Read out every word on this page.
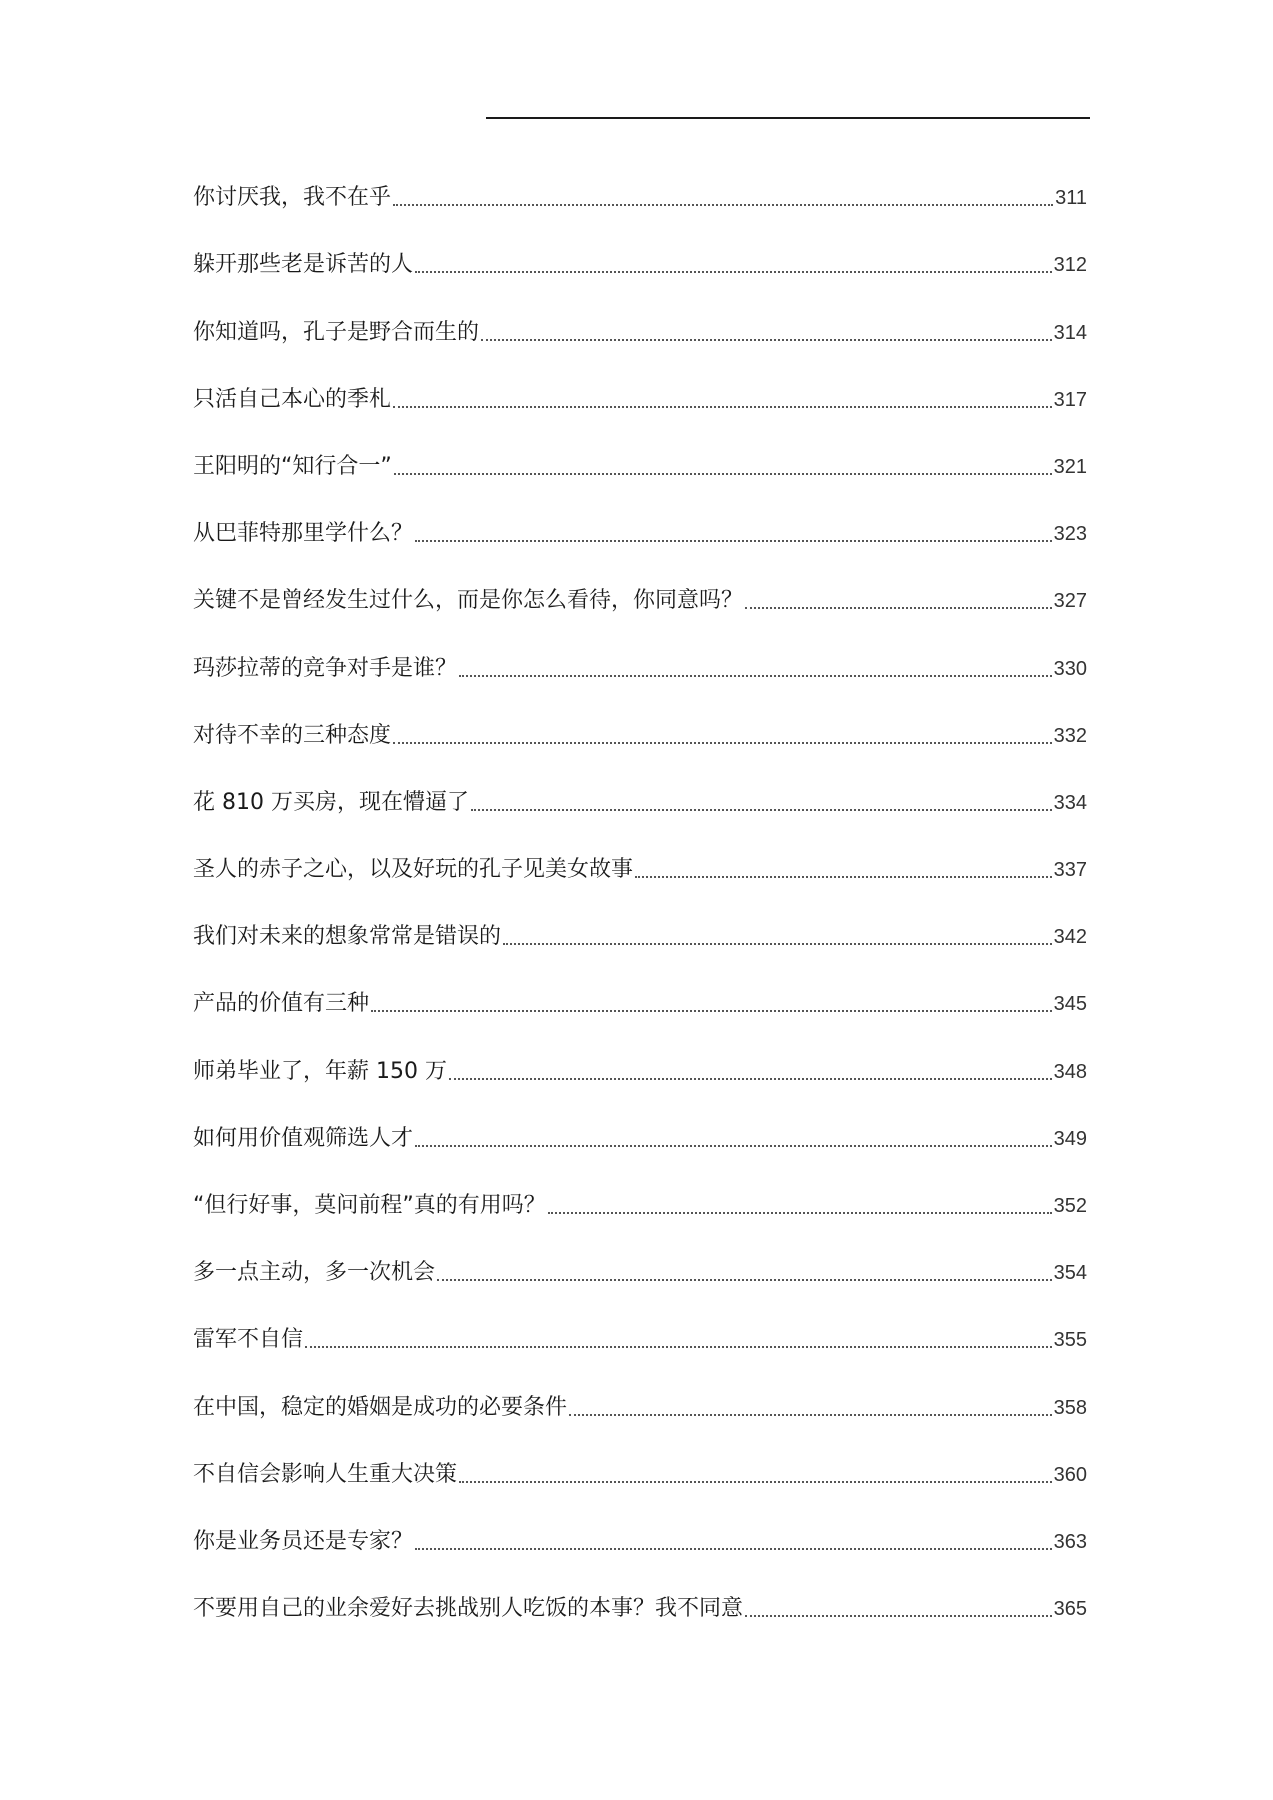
你讨厌我，我不在乎	311
躲开那些老是诉苦的人	312
你知道吗，孔子是野合而生的	314
只活自己本心的季札	317
王阳明的“知行合一”	321
从巴菲特那里学什么？	323
关键不是曾经发生过什么，而是你怎么看待，你同意吗？	327
玛莎拉蒂的竞争对手是谁？	330
对待不幸的三种态度	332
花 810 万买房，现在懵逼了	334
圣人的赤子之心，以及好玩的孔子见美女故事	337
我们对未来的想象常常是错误的	342
产品的价值有三种	345
师弟毕业了，年薪 150 万	348
如何用价值观筛选人才	349
“但行好事，莫问前程”真的有用吗？	352
多一点主动，多一次机会	354
雷军不自信	355
在中国，稳定的婚姻是成功的必要条件	358
不自信会影响人生重大决策	360
你是业务员还是专家？	363
不要用自己的业余爱好去挑战别人吃饭的本事？我不同意	365
